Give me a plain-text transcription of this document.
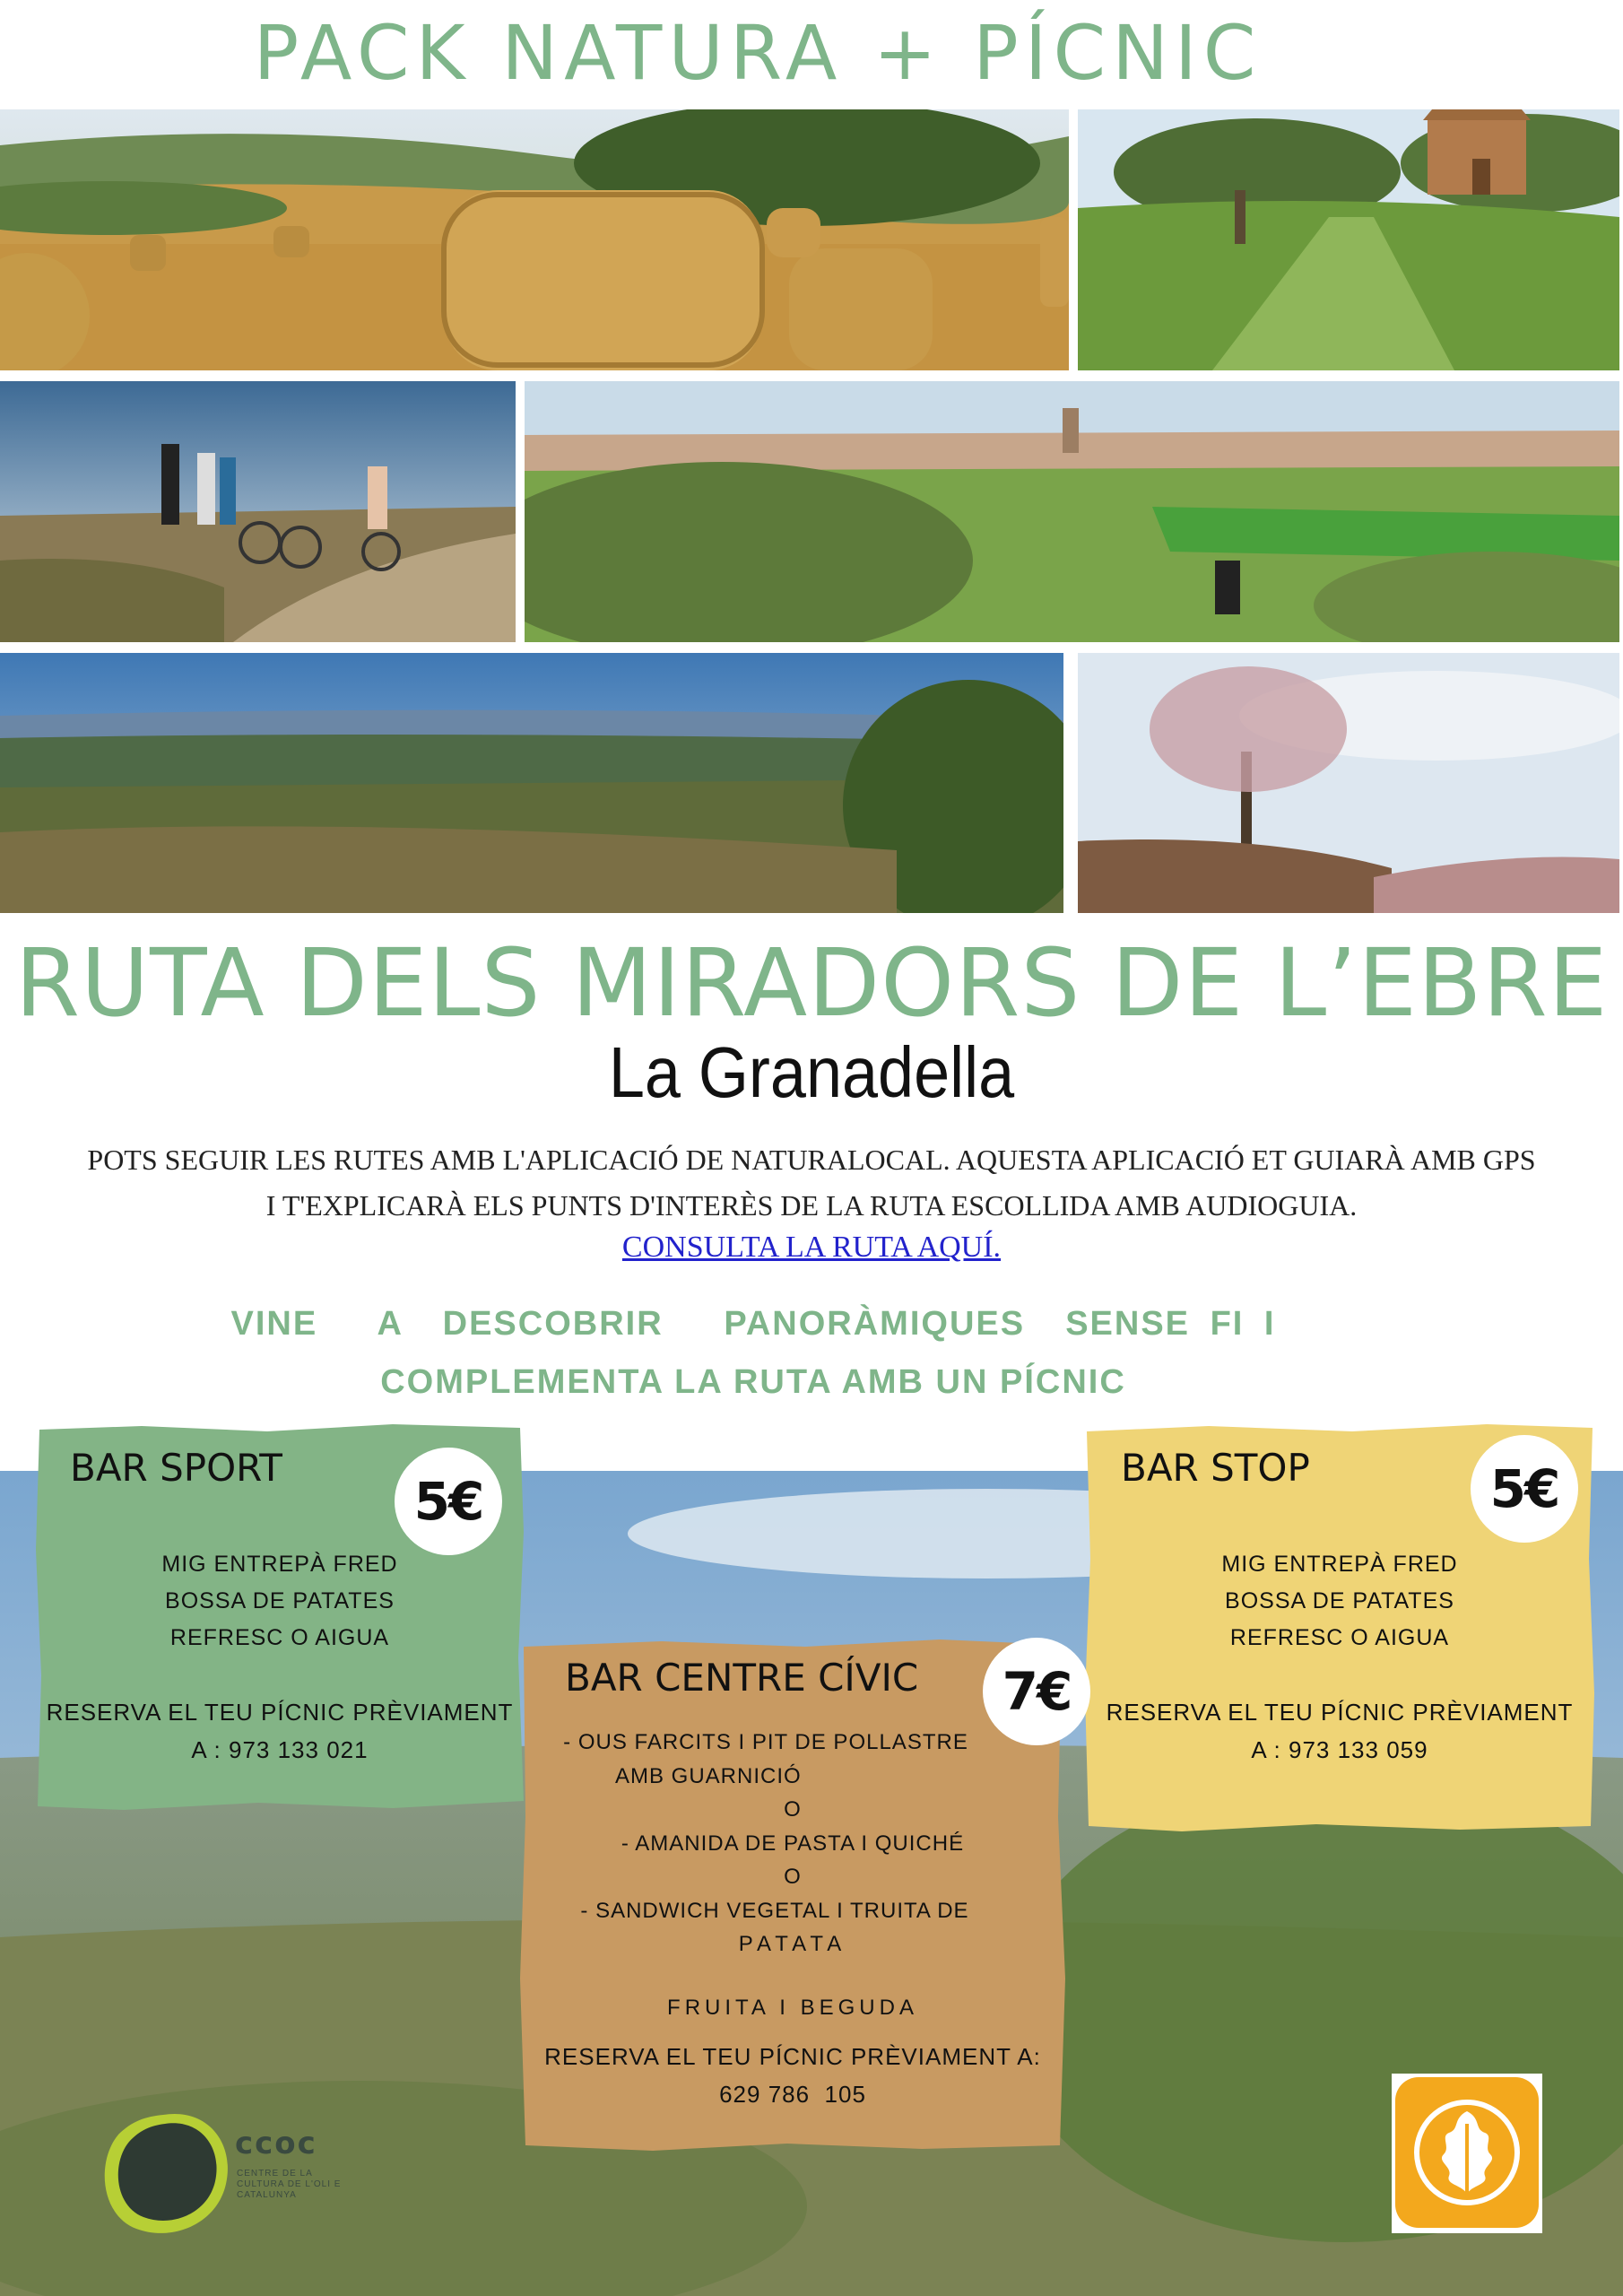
PACK NATURA + PÍCNIC
RUTA DELS MIRADORS DE L’EBRE
La Granadella
POTS SEGUIR LES RUTES AMB L'APLICACIÓ DE NATURALOCAL. AQUESTA APLICACIÓ ET GUIARÀ AMB GPS I T'EXPLICARÀ ELS PUNTS D'INTERÈS DE LA RUTA ESCOLLIDA AMB AUDIOGUIA.
CONSULTA LA RUTA AQUÍ.
VINE   A  DESCOBRIR   PANORÀMIQUES  SENSE FI I
COMPLEMENTA LA RUTA AMB UN PÍCNIC
BAR SPORT
5€
MIG ENTREPÀ FRED
BOSSA DE PATATES
REFRESC O AIGUA
RESERVA EL TEU PÍCNIC PRÈVIAMENT
A : 973 133 021
BAR STOP	5€
MIG ENTREPÀ FRED
BOSSA DE PATATES
REFRESC O AIGUA
RESERVA EL TEU PÍCNIC PRÈVIAMENT
A : 973 133 059
BAR CENTRE CÍVIC	7€
- OUS FARCITS I PIT DE POLLASTRE
AMB GUARNICIÓ
O
- AMANIDA DE PASTA I QUICHÉ
O
- SANDWICH VEGETAL I TRUITA DE
PATATA
FRUITA I BEGUDA
RESERVA EL TEU PÍCNIC PRÈVIAMENT A:
629 786  105
ccoc
CENTRE DE LA
CULTURA DE L'OLI E
CATALUNYA
